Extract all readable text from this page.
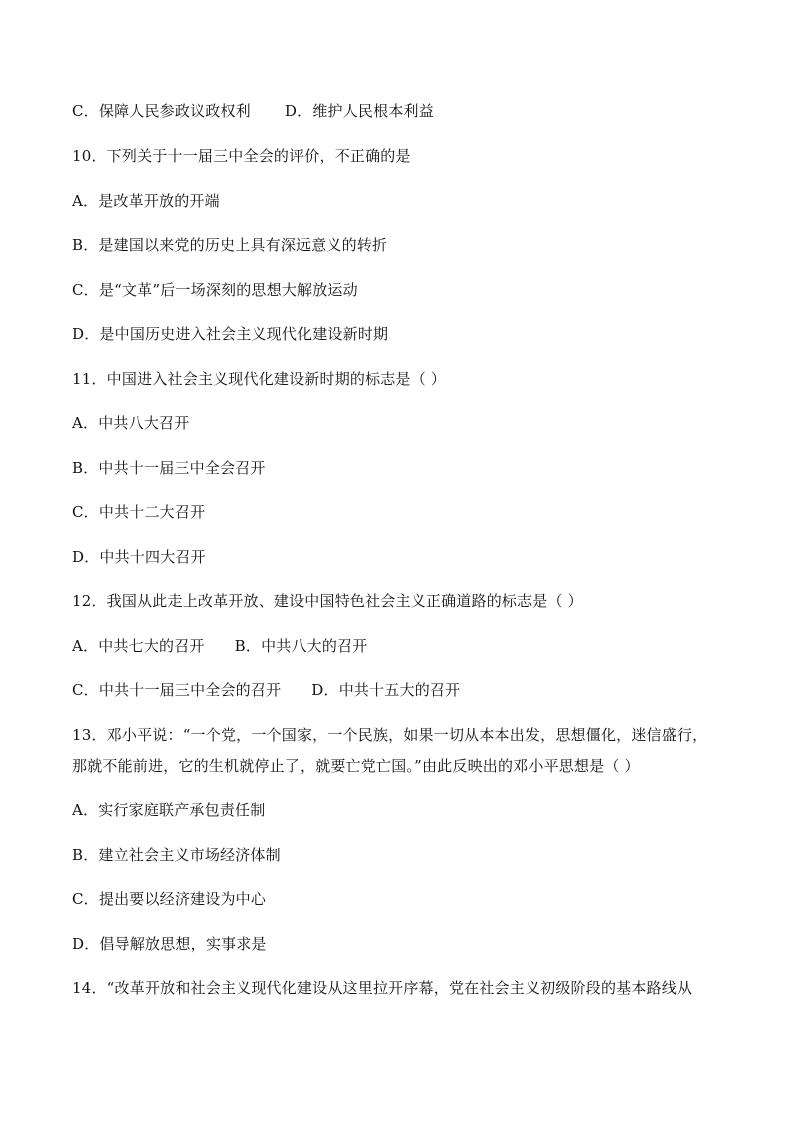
C．保障人民参政议政权利 D．维护人民根本利益
10．下列关于十一届三中全会的评价，不正确的是
A．是改革开放的开端
B．是建国以来党的历史上具有深远意义的转折
C．是“文革”后一场深刻的思想大解放运动
D．是中国历史进入社会主义现代化建设新时期
11．中国进入社会主义现代化建设新时期的标志是（ ）
A．中共八大召开
B．中共十一届三中全会召开
C．中共十二大召开
D．中共十四大召开
12．我国从此走上改革开放、建设中国特色社会主义正确道路的标志是（ ）
A．中共七大的召开 B．中共八大的召开
C．中共十一届三中全会的召开 D．中共十五大的召开
13．邓小平说：“一个党，一个国家，一个民族，如果一切从本本出发，思想僵化，迷信盛行，
那就不能前进，它的生机就停止了，就要亡党亡国。”由此反映出的邓小平思想是（ ）
A．实行家庭联产承包责任制
B．建立社会主义市场经济体制
C．提出要以经济建设为中心
D．倡导解放思想，实事求是
14．“改革开放和社会主义现代化建设从这里拉开序幕，党在社会主义初级阶段的基本路线从
